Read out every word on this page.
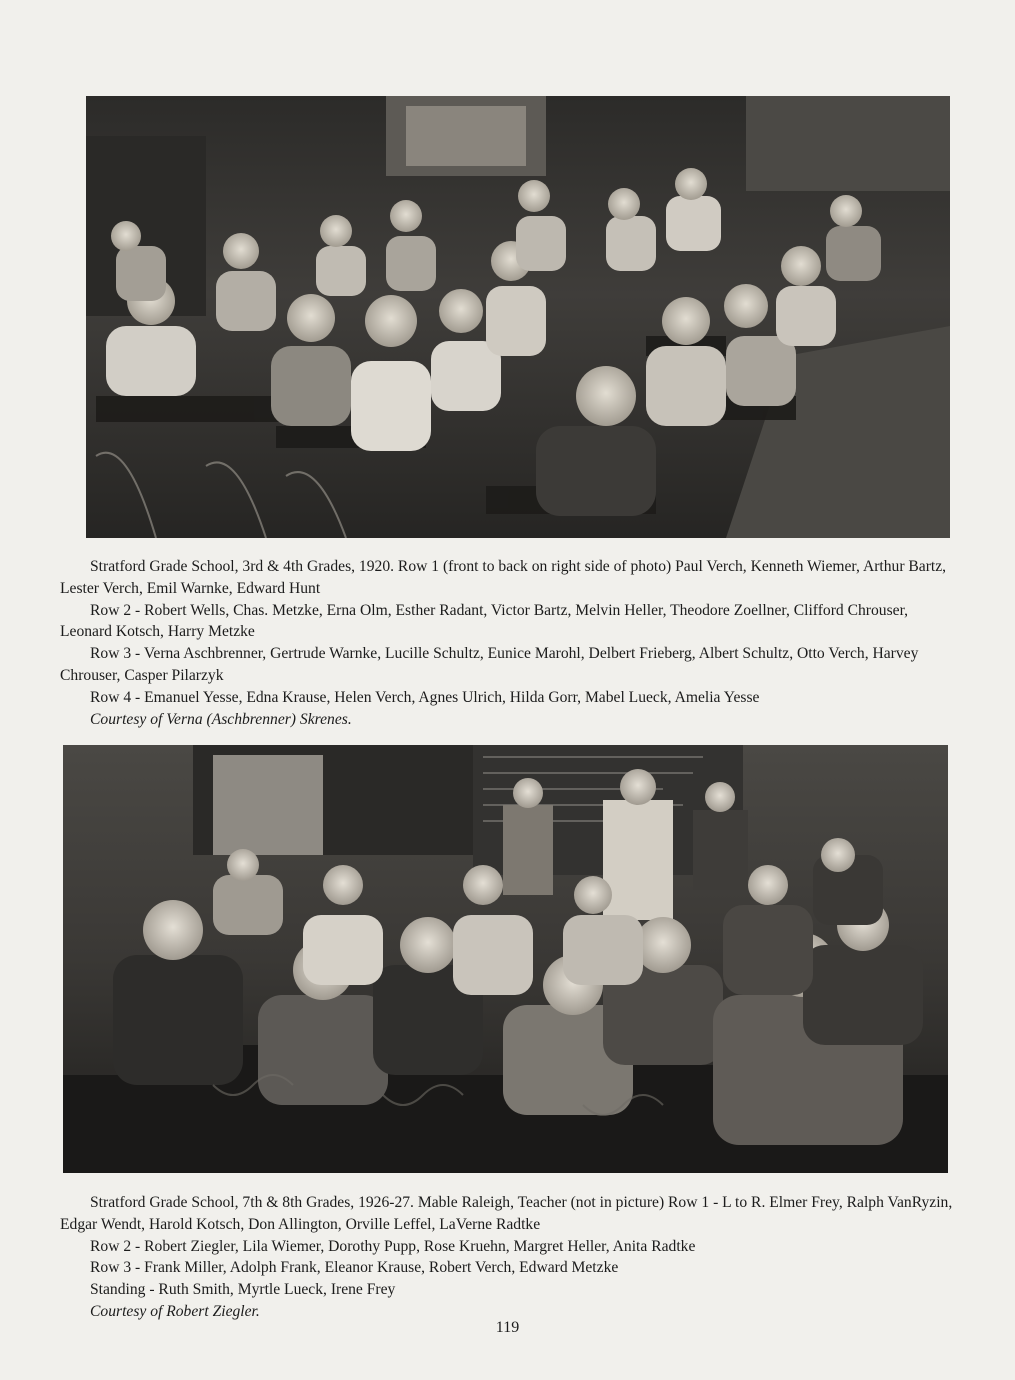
Stratford Grade School, 3rd & 4th Grades, 1920. Row 1 (front to back on right side of photo) Paul Verch, Kenneth Wiemer, Arthur Bartz, Lester Verch, Emil Warnke, Edward Hunt

Row 2 - Robert Wells, Chas. Metzke, Erna Olm, Esther Radant, Victor Bartz, Melvin Heller, Theodore Zoellner, Clifford Chrouser, Leonard Kotsch, Harry Metzke

Row 3 - Verna Aschbrenner, Gertrude Warnke, Lucille Schultz, Eunice Marohl, Delbert Frieberg, Albert Schultz, Otto Verch, Harvey Chrouser, Casper Pilarzyk

Row 4 - Emanuel Yesse, Edna Krause, Helen Verch, Agnes Ulrich, Hilda Gorr, Mabel Lueck, Amelia Yesse

Courtesy of Verna (Aschbrenner) Skrenes.

Stratford Grade School, 7th & 8th Grades, 1926-27. Mable Raleigh, Teacher (not in picture) Row 1 - L to R. Elmer Frey, Ralph VanRyzin, Edgar Wendt, Harold Kotsch, Don Allington, Orville Leffel, LaVerne Radtke

Row 2 - Robert Ziegler, Lila Wiemer, Dorothy Pupp, Rose Kruehn, Margret Heller, Anita Radtke

Row 3 - Frank Miller, Adolph Frank, Eleanor Krause, Robert Verch, Edward Metzke

Standing - Ruth Smith, Myrtle Lueck, Irene Frey

Courtesy of Robert Ziegler.

119
